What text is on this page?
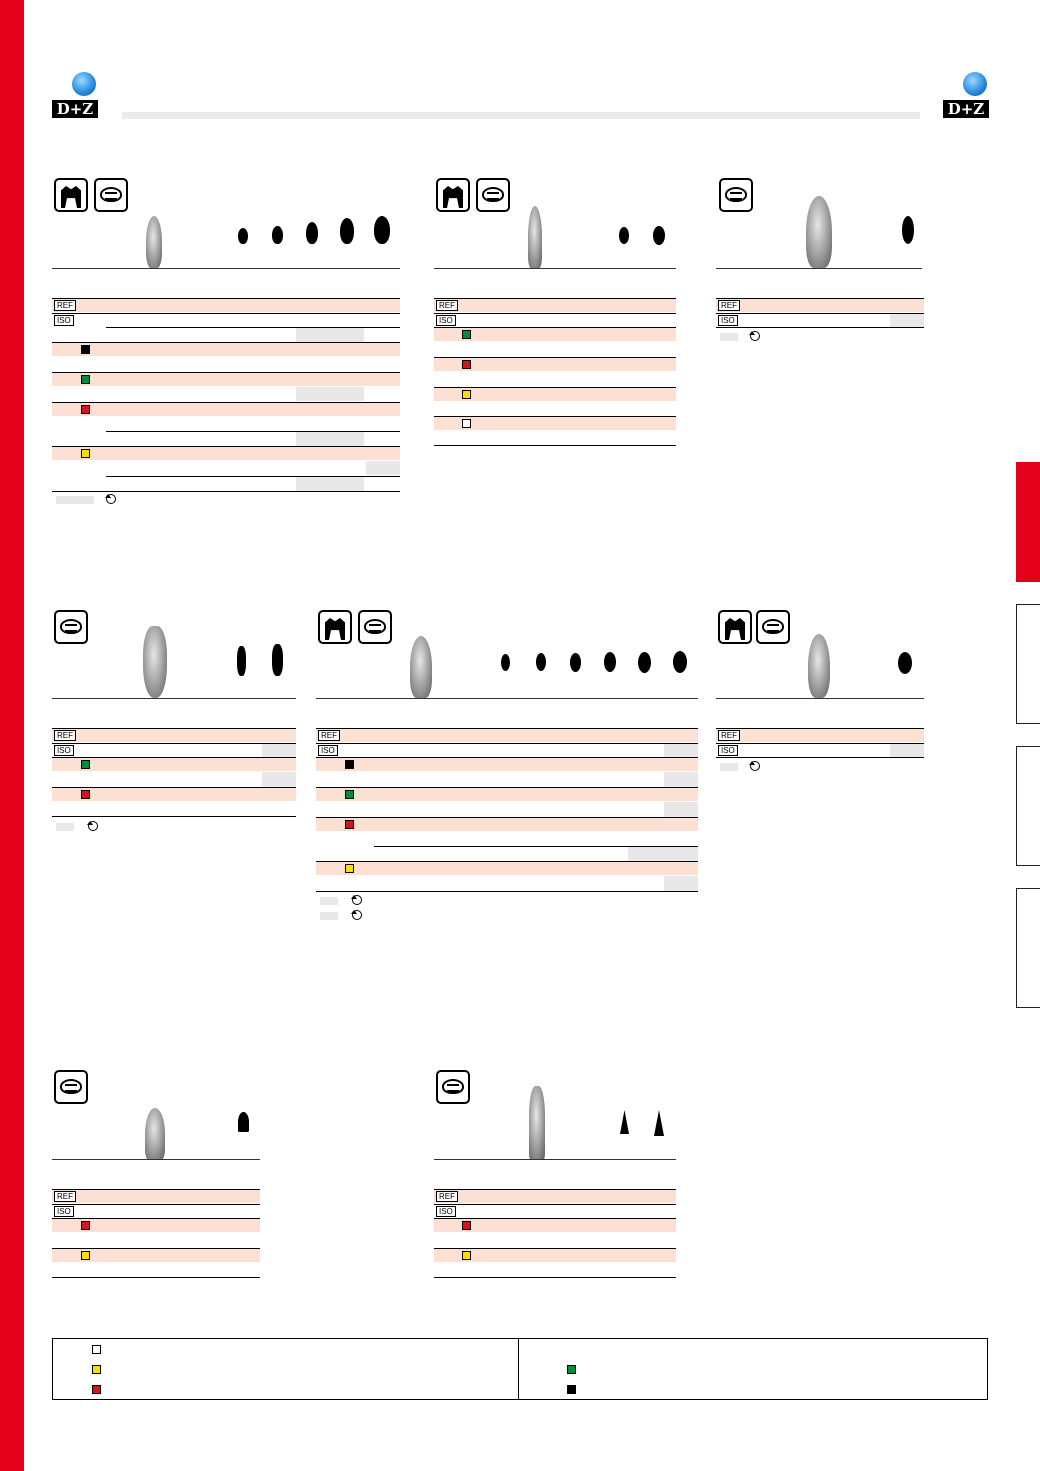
D+Z	D+Z
REF
ISO
REF
ISO
REF
ISO
REF
ISO
REF
ISO
REF
ISO
REF
ISO
REF
ISO
